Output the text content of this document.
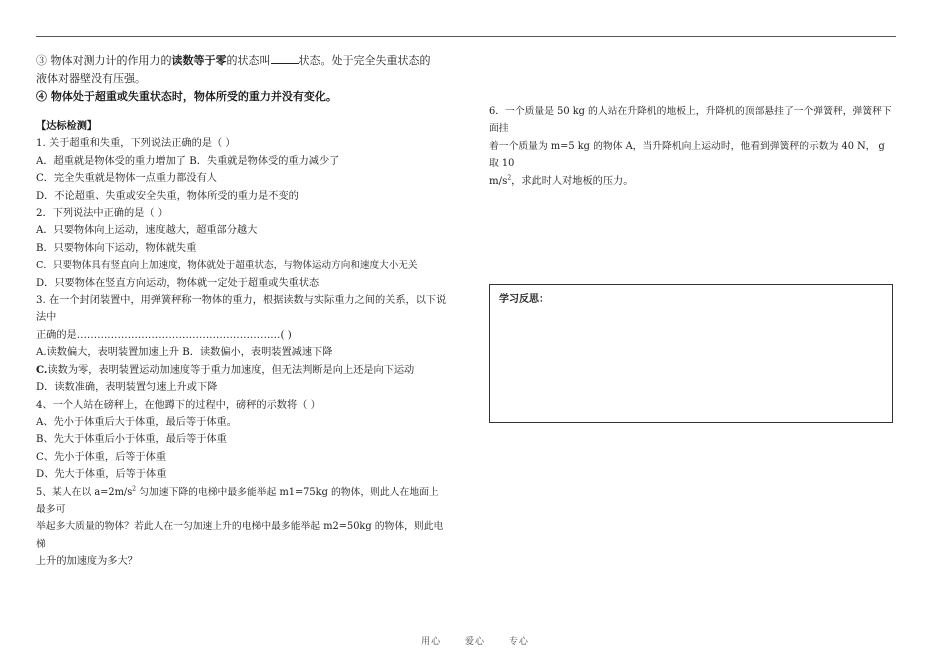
③ 物体对测力计的作用力的读数等于零的状态叫	状态。处于完全失重状态的

液体对器壁没有压强。

④ 物体处于超重或失重状态时，物体所受的重力并没有变化。

【达标检测】

1. 关于超重和失重，下列说法正确的是（ ）

A．超重就是物体受的重力增加了 B．失重就是物体受的重力减少了

C．完全失重就是物体一点重力都没有人

D．不论超重、失重或安全失重，物体所受的重力是不变的

2．下列说法中正确的是（ ）

A．只要物体向上运动，速度越大，超重部分越大

B．只要物体向下运动，物体就失重

C．只要物体具有竖直向上加速度，物体就处于超重状态，与物体运动方向和速度大小无关

D．只要物体在竖直方向运动，物体就一定处于超重或失重状态

3. 在一个封闭装置中，用弹簧秤称一物体的重力，根据读数与实际重力之间的关系，以下说法中

正确的是……………………………………………………( )

A.读数偏大，表明装置加速上升 B．读数偏小，表明装置减速下降

C.读数为零，表明装置运动加速度等于重力加速度，但无法判断是向上还是向下运动

D．读数准确，表明装置匀速上升或下降

4、一个人站在磅秤上，在他蹲下的过程中，磅秤的示数将（ ）

A、先小于体重后大于体重，最后等于体重。

B、先大于体重后小于体重，最后等于体重

C、先小于体重，后等于体重

D、先大于体重，后等于体重

5、某人在以 $a=2m/s^2$ 匀加速下降的电梯中最多能举起 m1=75kg 的物体，则此人在地面上最多可

举起多大质量的物体？若此人在一匀加速上升的电梯中最多能举起 m2=50kg 的物体，则此电梯

上升的加速度为多大？

6．一个质量是 50 kg 的人站在升降机的地板上，升降机的顶部悬挂了一个弹簧秤，弹簧秤下面挂

着一个质量为 m=5 kg 的物体 A，当升降机向上运动时，他看到弹簧秤的示数为 40 N， g 取 10

$m/s^2$，求此时人对地板的压力。

学习反思：
用心	爱心	专心
